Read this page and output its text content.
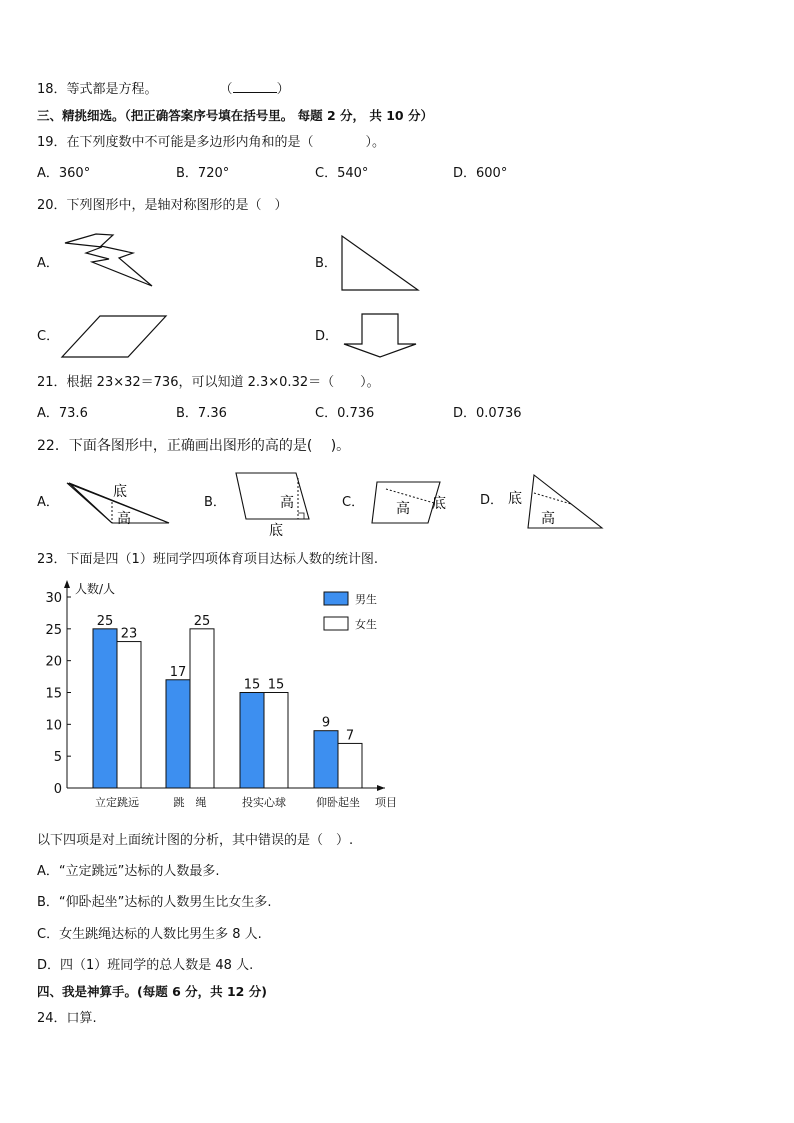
18．等式都是方程。	（	）
三、精挑细选。（把正确答案序号填在括号里。 每题 2 分， 共 10 分）
19．在下列度数中不可能是多边形内角和的是（　　　　）。
A．360°	B．720°	C．540°	D．600°
20．下列图形中，是轴对称图形的是（　）
A．	B．
C．	D．
21．根据 23×32＝736，可以知道 2.3×0.32＝（　　）。
A．73.6	B．7.36	C．0.736	D．0.0736
22．下面各图形中，正确画出图形的高的是(　 )。
A．	B．	C．	D．
底
高
高
底
高 底	底
高
23．下面是四（1）班同学四项体育项目达标人数的统计图.
0
5
10
15
20
25
30
人数/人
项目
25
23
立定跳远
17
25
跳　绳
15 15
投实心球
9
7
仰卧起坐
男生
女生
以下四项是对上面统计图的分析，其中错误的是（　）.
A．“立定跳远”达标的人数最多.
B．“仰卧起坐”达标的人数男生比女生多.
C．女生跳绳达标的人数比男生多 8 人.
D．四（1）班同学的总人数是 48 人.
四、我是神算手。(每题 6 分，共 12 分)
24．口算.
